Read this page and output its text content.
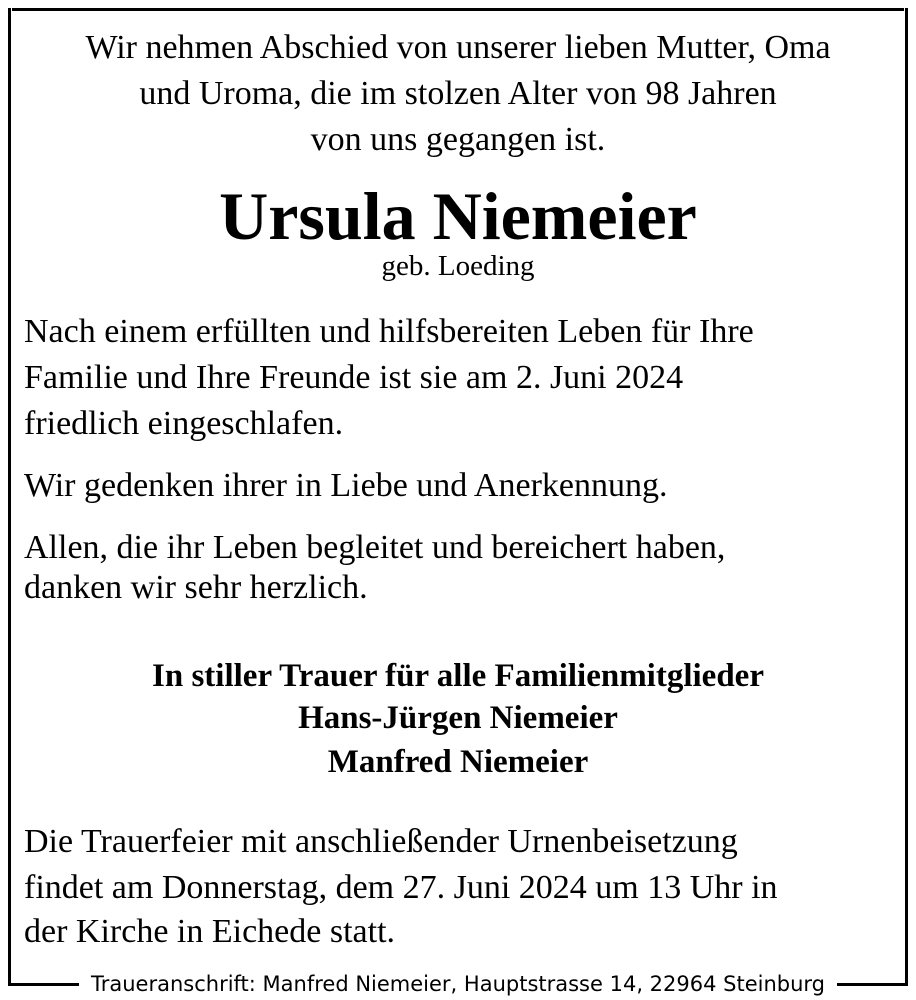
Wir nehmen Abschied von unserer lieben Mutter, Oma
und Uroma, die im stolzen Alter von 98 Jahren
von uns gegangen ist.
Ursula Niemeier
geb. Loeding
Nach einem erfüllten und hilfsbereiten Leben für Ihre
Familie und Ihre Freunde ist sie am 2. Juni 2024
friedlich eingeschlafen.
Wir gedenken ihrer in Liebe und Anerkennung.
Allen, die ihr Leben begleitet und bereichert haben,
danken wir sehr herzlich.
In stiller Trauer für alle Familienmitglieder
Hans-Jürgen Niemeier
Manfred Niemeier
Die Trauerfeier mit anschließender Urnenbeisetzung
findet am Donnerstag, dem 27. Juni 2024 um 13 Uhr in
der Kirche in Eichede statt.
Traueranschrift: Manfred Niemeier, Hauptstrasse 14, 22964 Steinburg
